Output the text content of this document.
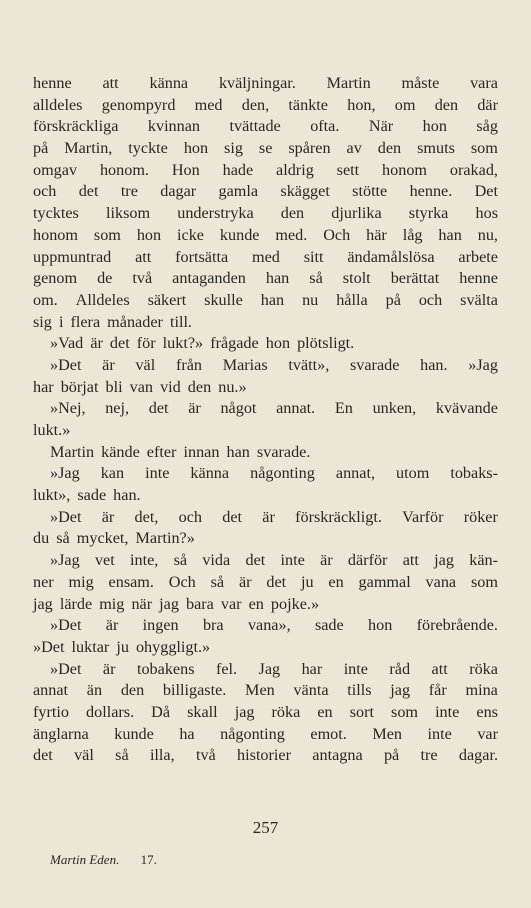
henne att känna kväljningar. Martin måste vara
alldeles genompyrd med den, tänkte hon, om den där
förskräckliga kvinnan tvättade ofta. När hon såg
på Martin, tyckte hon sig se spåren av den smuts som
omgav honom. Hon hade aldrig sett honom orakad,
och det tre dagar gamla skägget stötte henne. Det
tycktes liksom understryka den djurlika styrka hos
honom som hon icke kunde med. Och här låg han nu,
uppmuntrad att fortsätta med sitt ändamålslösa arbete
genom de två antaganden han så stolt berättat henne
om. Alldeles säkert skulle han nu hålla på och svälta
sig i flera månader till.
»Vad är det för lukt?» frågade hon plötsligt.
»Det är väl från Marias tvätt», svarade han. »Jag
har börjat bli van vid den nu.»
»Nej, nej, det är något annat. En unken, kvävande
lukt.»
Martin kände efter innan han svarade.
»Jag kan inte känna någonting annat, utom tobaks-
lukt», sade han.
»Det är det, och det är förskräckligt. Varför röker
du så mycket, Martin?»
»Jag vet inte, så vida det inte är därför att jag kän-
ner mig ensam. Och så är det ju en gammal vana som
jag lärde mig när jag bara var en pojke.»
»Det är ingen bra vana», sade hon förebrående.
»Det luktar ju ohyggligt.»
»Det är tobakens fel. Jag har inte råd att röka
annat än den billigaste. Men vänta tills jag får mina
fyrtio dollars. Då skall jag röka en sort som inte ens
änglarna kunde ha någonting emot. Men inte var
det väl så illa, två historier antagna på tre dagar.
257
Martin Eden. 17.
